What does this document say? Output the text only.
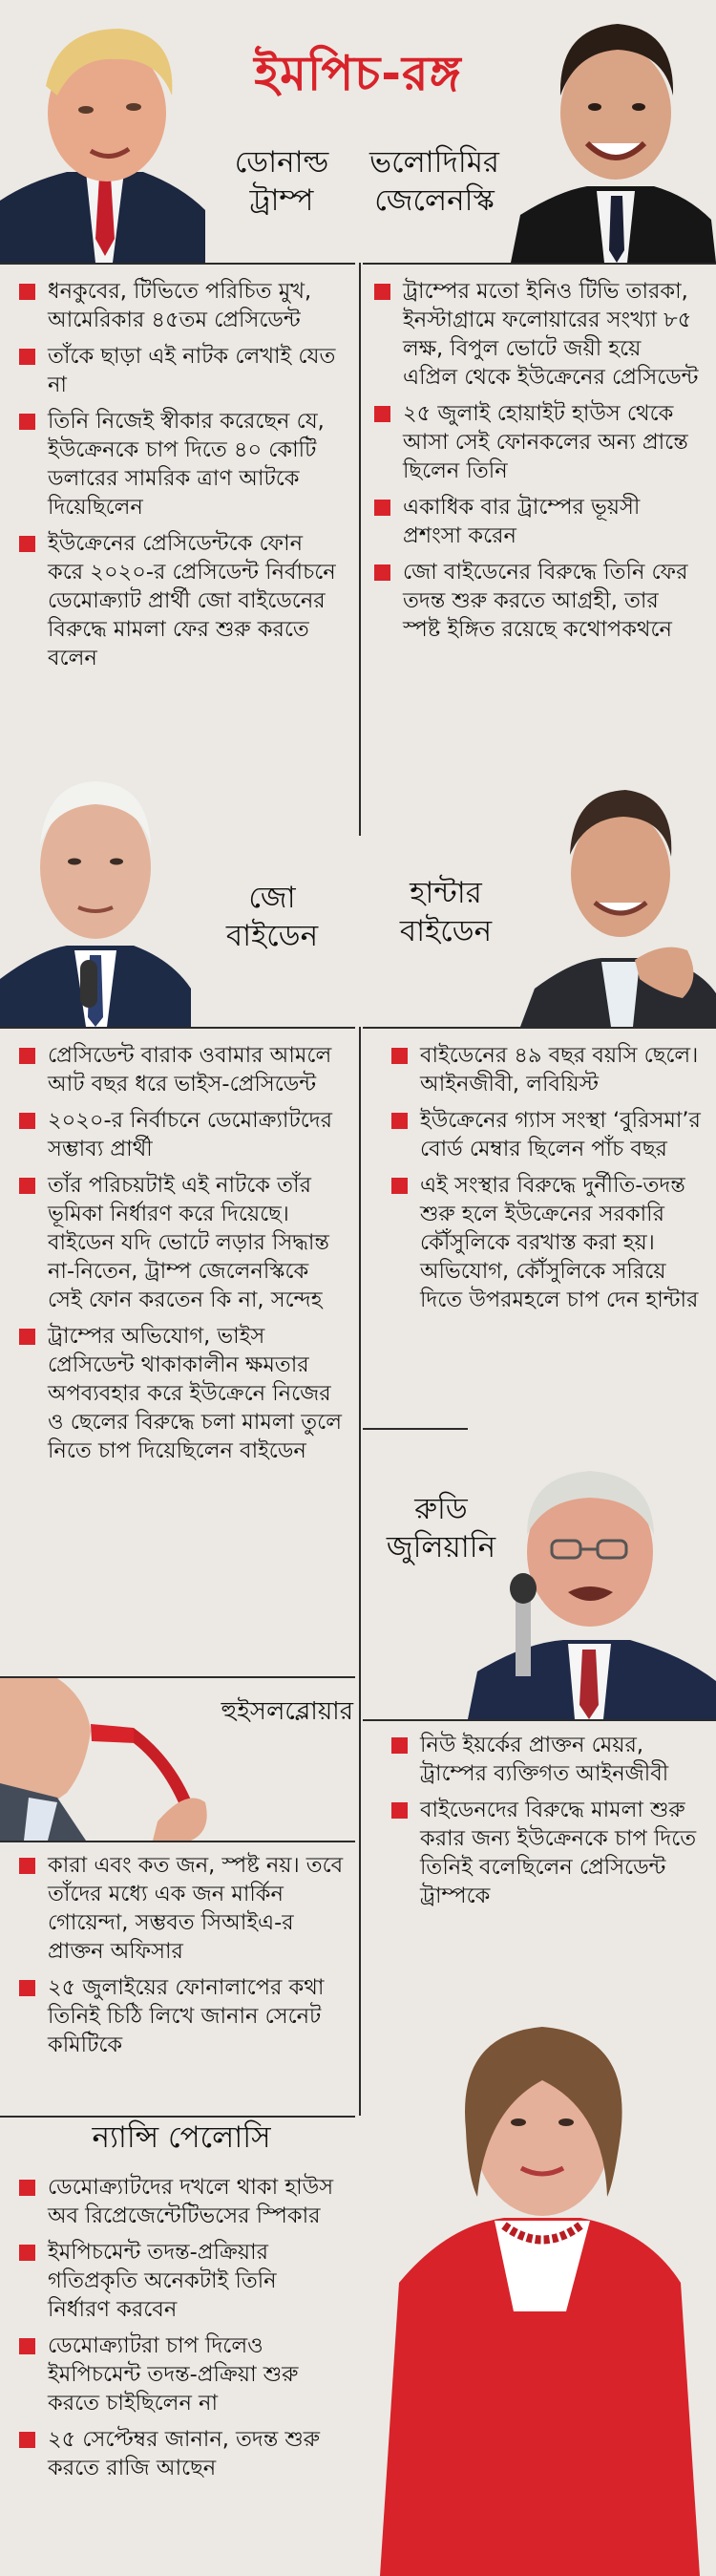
ইমপিচ-রঙ্গ
ডোনাল্ড
ট্রাম্প
ভলোদিমির
জেলেনস্কি
ধনকুবের, টিভিতে পরিচিত মুখ, আমেরিকার ৪৫তম প্রেসিডেন্ট
তাঁকে ছাড়া এই নাটক লেখাই যেত না
তিনি নিজেই স্বীকার করেছেন যে, ইউক্রেনকে চাপ দিতে ৪০ কোটি ডলারের সামরিক ত্রাণ আটকে দিয়েছিলেন
ইউক্রেনের প্রেসিডেন্টকে ফোন করে ২০২০-র প্রেসিডেন্ট নির্বাচনে ডেমোক্র্যাট প্রার্থী জো বাইডেনের বিরুদ্ধে মামলা ফের শুরু করতে বলেন
ট্রাম্পের মতো ইনিও টিভি তারকা, ইনস্টাগ্রামে ফলোয়ারের সংখ্যা ৮৫ লক্ষ, বিপুল ভোটে জয়ী হয়ে এপ্রিল থেকে ইউক্রেনের প্রেসিডেন্ট
২৫ জুলাই হোয়াইট হাউস থেকে আসা সেই ফোনকলের অন্য প্রান্তে ছিলেন তিনি
একাধিক বার ট্রাম্পের ভূয়সী প্রশংসা করেন
জো বাইডেনের বিরুদ্ধে তিনি ফের তদন্ত শুরু করতে আগ্রহী, তার স্পষ্ট ইঙ্গিত রয়েছে কথোপকথনে
জো
বাইডেন
হান্টার
বাইডেন
প্রেসিডেন্ট বারাক ওবামার আমলে আট বছর ধরে ভাইস-প্রেসিডেন্ট
২০২০-র নির্বাচনে ডেমোক্র্যাটদের সম্ভাব্য প্রার্থী
তাঁর পরিচয়টাই এই নাটকে তাঁর ভূমিকা নির্ধারণ করে দিয়েছে। বাইডেন যদি ভোটে লড়ার সিদ্ধান্ত না-নিতেন, ট্রাম্প জেলেনস্কিকে সেই ফোন করতেন কি না, সন্দেহ
ট্রাম্পের অভিযোগ, ভাইস প্রেসিডেন্ট থাকাকালীন ক্ষমতার অপব্যবহার করে ইউক্রেনে নিজের ও ছেলের বিরুদ্ধে চলা মামলা তুলে নিতে চাপ দিয়েছিলেন বাইডেন
বাইডেনের ৪৯ বছর বয়সি ছেলে। আইনজীবী, লবিয়িস্ট
ইউক্রেনের গ্যাস সংস্থা ‘বুরিসমা’র বোর্ড মেম্বার ছিলেন পাঁচ বছর
এই সংস্থার বিরুদ্ধে দুর্নীতি-তদন্ত শুরু হলে ইউক্রেনের সরকারি কৌঁসুলিকে বরখাস্ত করা হয়। অভিযোগ, কৌঁসুলিকে সরিয়ে দিতে উপরমহলে চাপ দেন হান্টার
রুডি
জুলিয়ানি
নিউ ইয়র্কের প্রাক্তন মেয়র, ট্রাম্পের ব্যক্তিগত আইনজীবী
বাইডেনদের বিরুদ্ধে মামলা শুরু করার জন্য ইউক্রেনকে চাপ দিতে তিনিই বলেছিলেন প্রেসিডেন্ট ট্রাম্পকে
হুইসলব্লোয়ার
কারা এবং কত জন, স্পষ্ট নয়। তবে তাঁদের মধ্যে এক জন মার্কিন গোয়েন্দা, সম্ভবত সিআইএ-র প্রাক্তন অফিসার
২৫ জুলাইয়ের ফোনালাপের কথা তিনিই চিঠি লিখে জানান সেনেট কমিটিকে
ন্যান্সি পেলোসি
ডেমোক্র্যাটদের দখলে থাকা হাউস অব রিপ্রেজেন্টেটিভসের স্পিকার
ইমপিচমেন্ট তদন্ত-প্রক্রিয়ার গতিপ্রকৃতি অনেকটাই তিনি নির্ধারণ করবেন
ডেমোক্র্যাটরা চাপ দিলেও ইমপিচমেন্ট তদন্ত-প্রক্রিয়া শুরু করতে চাইছিলেন না
২৫ সেপ্টেম্বর জানান, তদন্ত শুরু করতে রাজি আছেন
